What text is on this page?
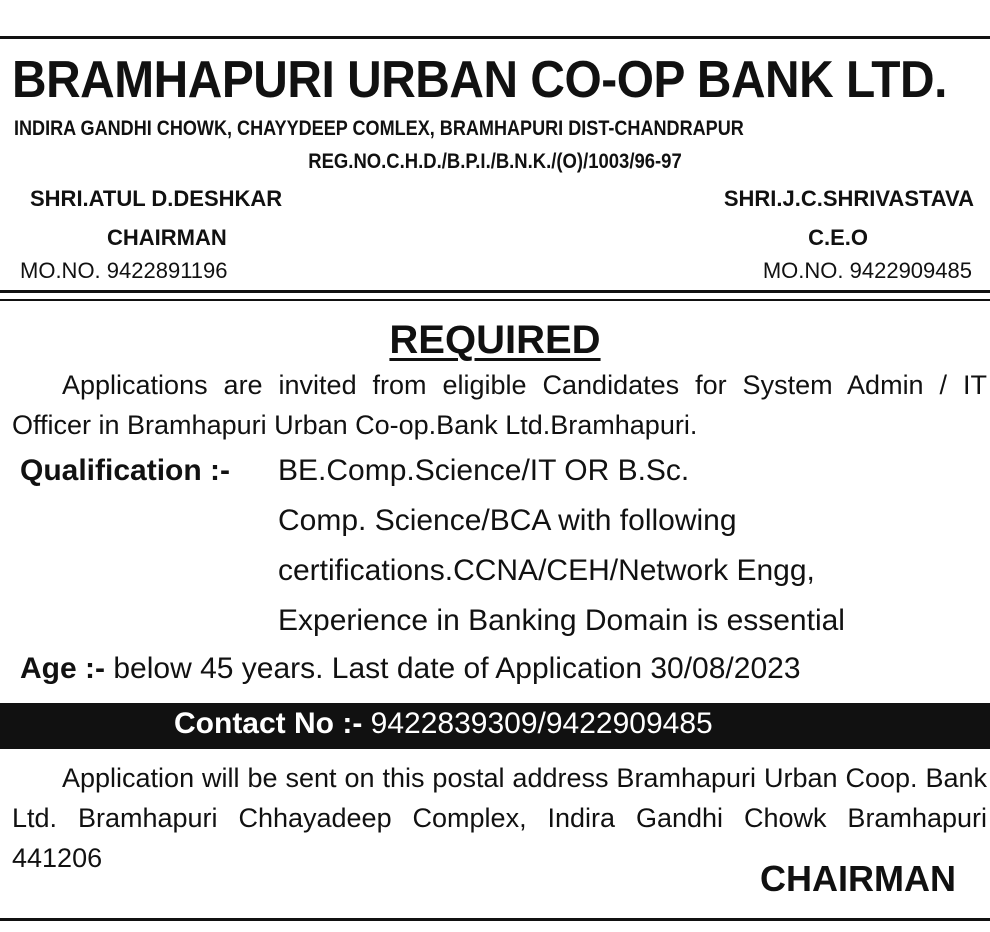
BRAMHAPURI URBAN CO-OP BANK LTD.
INDIRA GANDHI CHOWK, CHAYYDEEP COMLEX, BRAMHAPURI DIST-CHANDRAPUR
REG.NO.C.H.D./B.P.I./B.N.K./(O)/1003/96-97
SHRI.ATUL D.DESHKAR
CHAIRMAN
MO.NO. 9422891196
SHRI.J.C.SHRIVASTAVA
C.E.O
MO.NO. 9422909485
REQUIRED
Applications are invited from eligible Candidates for System Admin / IT Officer in Bramhapuri Urban Co-op.Bank Ltd.Bramhapuri.
Qualification :- BE.Comp.Science/IT OR B.Sc.
Comp. Science/BCA with following
certifications.CCNA/CEH/Network Engg,
Experience in Banking Domain is essential
Age :- below 45 years. Last date of Application 30/08/2023
Contact No :- 9422839309/9422909485
Application will be sent on this postal address Bramhapuri Urban Coop. Bank Ltd. Bramhapuri Chhayadeep Complex, Indira Gandhi Chowk Bramhapuri 441206	CHAIRMAN
